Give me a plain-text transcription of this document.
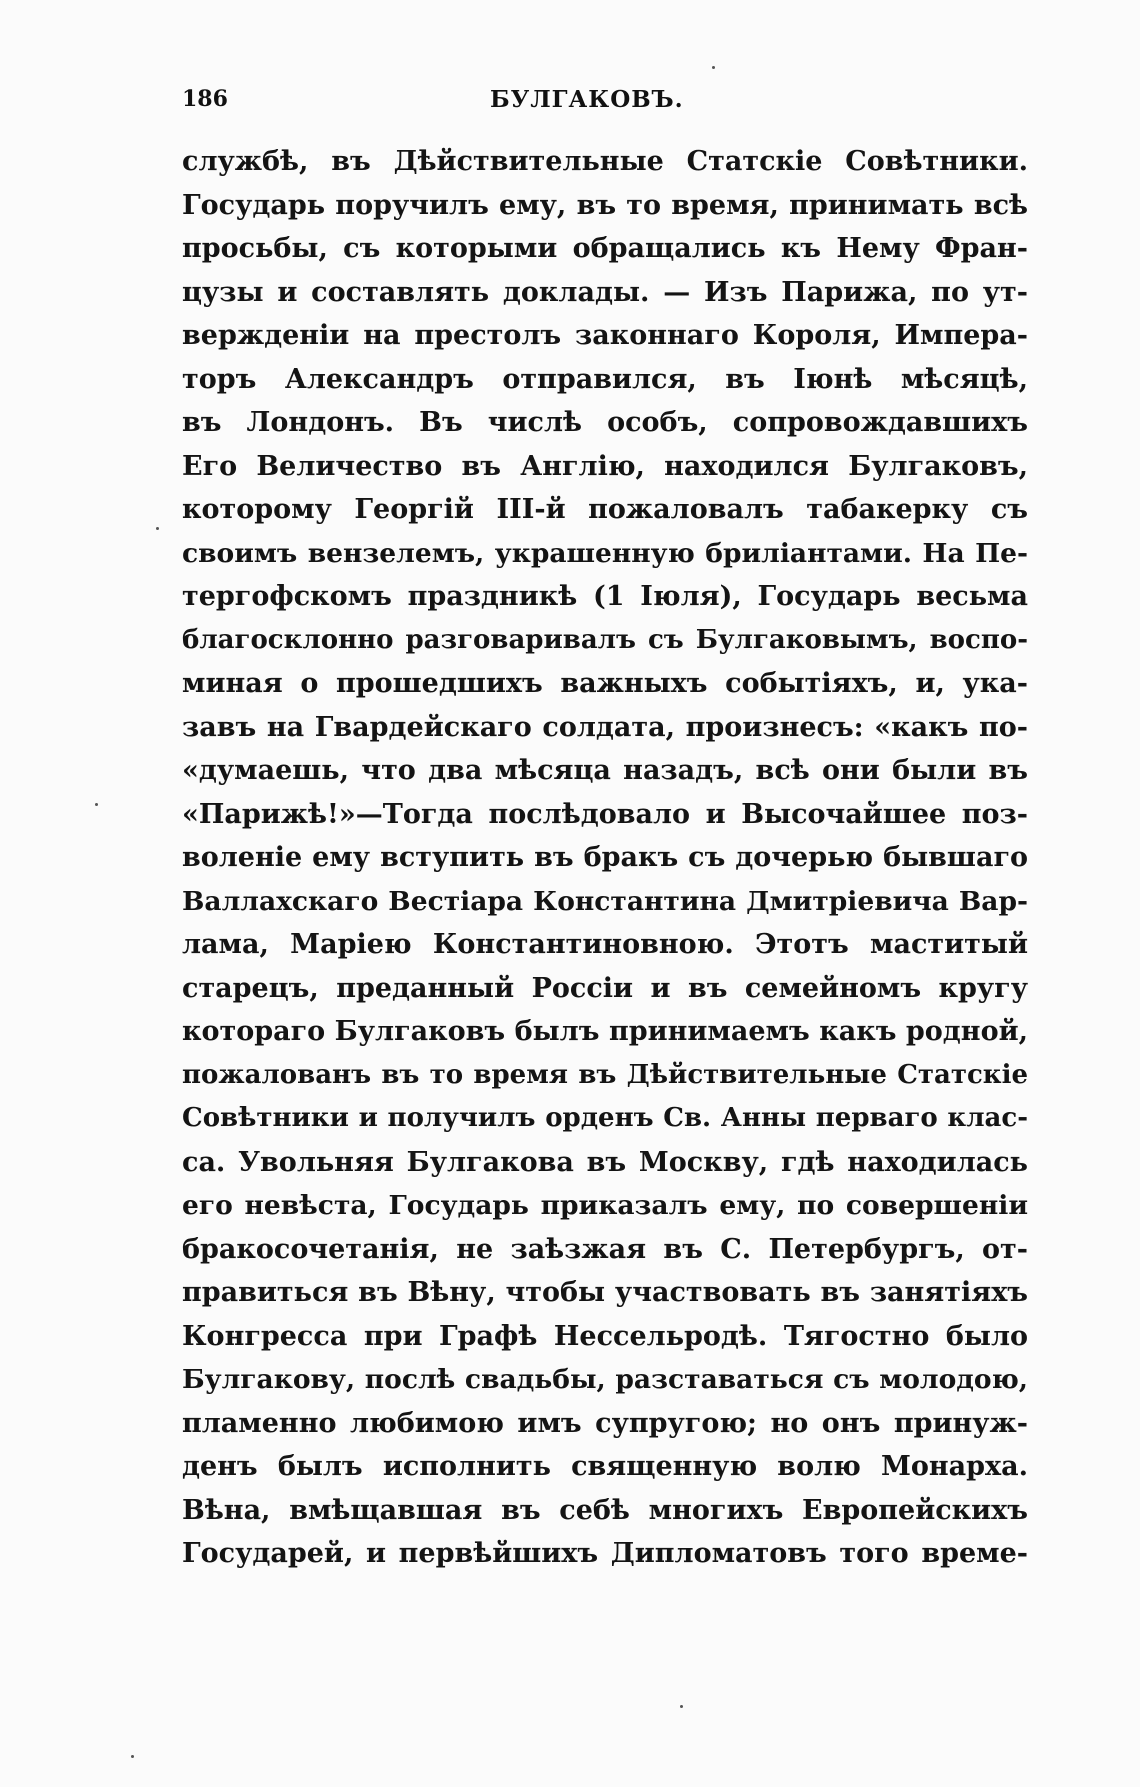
186	БУЛГАКОВЪ.
службѣ, въ Дѣйствительные Статскіе Совѣтники.
Государь поручилъ ему, въ то время, принимать всѣ
просьбы, съ которыми обращались къ Нему Фран-
цузы и составлять доклады. — Изъ Парижа, по ут-
вержденіи на престолъ законнаго Короля, Импера-
торъ Александръ отправился, въ Іюнѣ мѣсяцѣ,
въ Лондонъ. Въ числѣ особъ, сопровождавшихъ
Его Величество въ Англію, находился Булгаковъ,
которому Георгій III-й пожаловалъ табакерку съ
своимъ вензелемъ, украшенную бриліантами. На Пе-
тергофскомъ праздникѣ (1 Іюля), Государь весьма
благосклонно разговаривалъ съ Булгаковымъ, воспо-
миная о прошедшихъ важныхъ событіяхъ, и, ука-
завъ на Гвардейскаго солдата, произнесъ: «какъ по-
«думаешь, что два мѣсяца назадъ, всѣ они были въ
«Парижѣ!»—Тогда послѣдовало и Высочайшее поз-
воленіе ему вступить въ бракъ съ дочерью бывшаго
Валлахскаго Вестіара Константина Дмитріевича Вар-
лама, Маріею Константиновною. Этотъ маститый
старецъ, преданный Россіи и въ семейномъ кругу
котораго Булгаковъ былъ принимаемъ какъ родной,
пожалованъ въ то время въ Дѣйствительные Статскіе
Совѣтники и получилъ орденъ Св. Анны перваго клас-
са. Увольняя Булгакова въ Москву, гдѣ находилась
его невѣста, Государь приказалъ ему, по совершеніи
бракосочетанія, не заѣзжая въ С. Петербургъ, от-
правиться въ Вѣну, чтобы участвовать въ занятіяхъ
Конгресса при Графѣ Нессельродѣ. Тягостно было
Булгакову, послѣ свадьбы, разставаться съ молодою,
пламенно любимою имъ супругою; но онъ принуж-
денъ былъ исполнить священную волю Монарха.
Вѣна, вмѣщавшая въ себѣ многихъ Европейскихъ
Государей, и первѣйшихъ Дипломатовъ того време-
